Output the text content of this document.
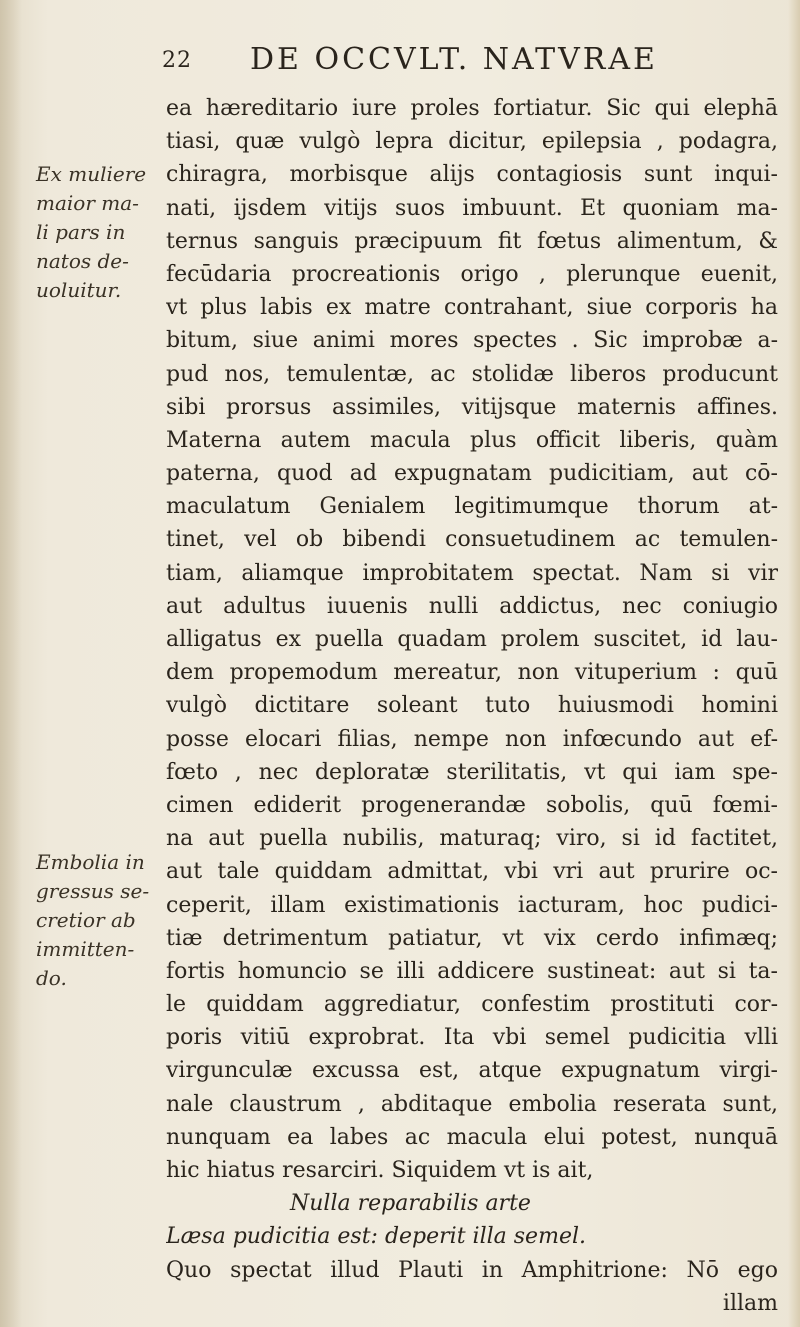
22 DE OCCVLT. NATVRAE
Ex muliere
maior ma-
li pars in
natos de-
uoluitur.
Embolia in
gressus se-
cretior ab
immitten-
do.
ea hæreditario iure proles fortiatur. Sic qui elephā
tiasi, quæ vulgò lepra dicitur, epilepsia , podagra,
chiragra, morbisque alijs contagiosis sunt inqui-
nati, ijsdem vitijs suos imbuunt. Et quoniam ma-
ternus sanguis præcipuum fit fœtus alimentum, &
fecūdaria procreationis origo , plerunque euenit,
vt plus labis ex matre contrahant, siue corporis ha
bitum, siue animi mores spectes . Sic improbæ a-
pud nos, temulentæ, ac stolidæ liberos producunt
sibi prorsus assimiles, vitijsque maternis affines.
Materna autem macula plus officit liberis, quàm
paterna, quod ad expugnatam pudicitiam, aut cō-
maculatum Genialem legitimumque thorum at-
tinet, vel ob bibendi consuetudinem ac temulen-
tiam, aliamque improbitatem spectat. Nam si vir
aut adultus iuuenis nulli addictus, nec coniugio
alligatus ex puella quadam prolem suscitet, id lau-
dem propemodum mereatur, non vituperium : quū
vulgò dictitare soleant tuto huiusmodi homini
posse elocari filias, nempe non infœcundo aut ef-
fœto , nec deploratæ sterilitatis, vt qui iam spe-
cimen ediderit progenerandæ sobolis, quū fœmi-
na aut puella nubilis, maturaq; viro, si id factitet,
aut tale quiddam admittat, vbi vri aut prurire oc-
ceperit, illam existimationis iacturam, hoc pudici-
tiæ detrimentum patiatur, vt vix cerdo infimæq;
fortis homuncio se illi addicere sustineat: aut si ta-
le quiddam aggrediatur, confestim prostituti cor-
poris vitiū exprobrat. Ita vbi semel pudicitia vlli
virgunculæ excussa est, atque expugnatum virgi-
nale claustrum , abditaque embolia reserata sunt,
nunquam ea labes ac macula elui potest, nunquā
hic hiatus resarciri. Siquidem vt is ait,
Nulla reparabilis arte
Læsa pudicitia est: deperit illa semel.
Quo spectat illud Plauti in Amphitrione: Nō ego
illam
